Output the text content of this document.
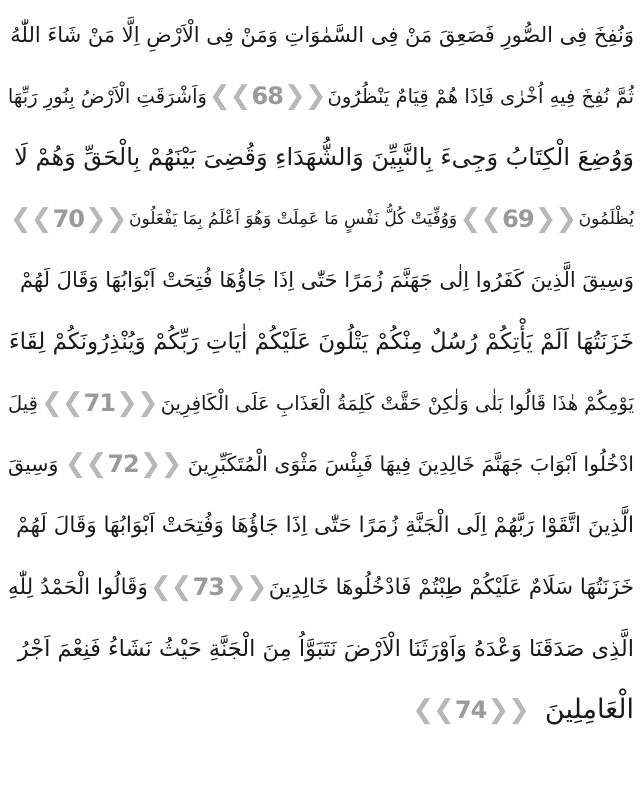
وَنُفِخَ فِى الصُّورِ فَصَعِقَ مَنْ فِى السَّمٰوَاتِ وَمَنْ فِى الْاَرْضِ اِلَّا مَنْ شَاءَ اللّٰهُ
ثُمَّ نُفِخَ فِيهِ اُخْرٰى فَاِذَا هُمْ قِيَامٌ يَنْظُرُونَ
❮❮ 68 ❯❯
وَاَشْرَقَتِ الْاَرْضُ بِنُورِ رَبِّهَا
وَوُضِعَ الْكِتَابُ وَجِیءَ بِالنَّبِيِّنَ وَالشُّهَدَاءِ وَقُضِىَ بَيْنَهُمْ بِالْحَقِّ وَهُمْ لَا
يُظْلَمُونَ
❮❮ 69 ❯❯
وَوُفِّيَتْ كُلُّ نَفْسٍ مَا عَمِلَتْ وَهُوَ اَعْلَمُ بِمَا يَفْعَلُونَ
❮❮ 70 ❯❯
وَسِيقَ الَّذِينَ كَفَرُوا اِلٰى جَهَنَّمَ زُمَرًا حَتّٰى اِذَا جَاؤُهَا فُتِحَتْ اَبْوَابُهَا وَقَالَ لَهُمْ
خَزَنَتُهَا اَلَمْ يَأْتِكُمْ رُسُلٌ مِنْكُمْ يَتْلُونَ عَلَيْكُمْ اٰيَاتِ رَبِّكُمْ وَيُنْذِرُونَكُمْ لِقَاءَ
يَوْمِكُمْ هٰذَا قَالُوا بَلٰى وَلٰكِنْ حَقَّتْ كَلِمَةُ الْعَذَابِ عَلَى الْكَافِرِينَ
❮❮ 71 ❯❯
قِيلَ
ادْخُلُوا اَبْوَابَ جَهَنَّمَ خَالِدِينَ فِيهَا فَبِئْسَ مَثْوَى الْمُتَكَبِّرِينَ
❮❮ 72 ❯❯
وَسِيقَ
الَّذِينَ اتَّقَوْا رَبَّهُمْ اِلَى الْجَنَّةِ زُمَرًا حَتّٰى اِذَا جَاؤُهَا وَفُتِحَتْ اَبْوَابُهَا وَقَالَ لَهُمْ
خَزَنَتُهَا سَلَامٌ عَلَيْكُمْ طِبْتُمْ فَادْخُلُوهَا خَالِدِينَ
❮❮ 73 ❯❯
وَقَالُوا الْحَمْدُ لِلّٰهِ
الَّذِى صَدَقَنَا وَعْدَهُ وَاَوْرَثَنَا الْاَرْضَ نَتَبَوَّاُ مِنَ الْجَنَّةِ حَيْثُ نَشَاءُ فَنِعْمَ اَجْرُ
الْعَامِلِينَ
❮❮ 74 ❯❯
